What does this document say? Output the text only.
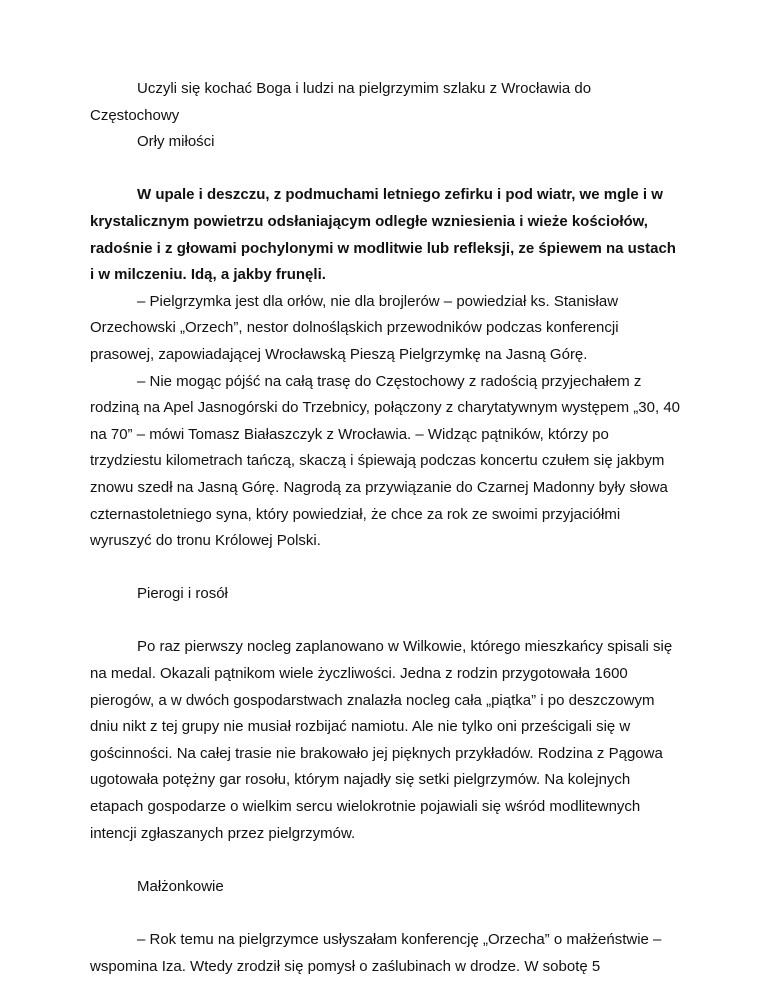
Uczyli się kochać Boga i ludzi na pielgrzymim szlaku z Wrocławia do Częstochowy

Orły miłości

W upale i deszczu, z podmuchami letniego zefirku i pod wiatr, we mgle i w krystalicznym powietrzu odsłaniającym odległe wzniesienia i wieże kościołów, radośnie i z głowami pochylonymi w modlitwie lub refleksji, ze śpiewem na ustach i w milczeniu. Idą, a jakby frunęli.

– Pielgrzymka jest dla orłów, nie dla brojlerów – powiedział ks. Stanisław Orzechowski „Orzech”, nestor dolnośląskich przewodników podczas konferencji prasowej, zapowiadającej Wrocławską Pieszą Pielgrzymkę na Jasną Górę.

– Nie mogąc pójść na całą trasę do Częstochowy z radością przyjechałem z rodziną na Apel Jasnogórski do Trzebnicy, połączony z charytatywnym występem „30, 40 na 70” – mówi Tomasz Białaszczyk z Wrocławia. – Widząc pątników, którzy po trzydziestu kilometrach tańczą, skaczą i śpiewają podczas koncertu czułem się jakbym znowu szedł na Jasną Górę. Nagrodą za przywiązanie do Czarnej Madonny były słowa czternastoletniego syna, który powiedział, że chce za rok ze swoimi przyjaciółmi wyruszyć do tronu Królowej Polski.

Pierogi i rosół

Po raz pierwszy nocleg zaplanowano w Wilkowie, którego mieszkańcy spisali się na medal. Okazali pątnikom wiele życzliwości. Jedna z rodzin przygotowała 1600 pierogów, a w dwóch gospodarstwach znalazła nocleg cała „piątka” i po deszczowym dniu nikt z tej grupy nie musiał rozbijać namiotu. Ale nie tylko oni prześcigali się w gościnności. Na całej trasie nie brakowało jej pięknych przykładów. Rodzina z Pągowa ugotowała potężny gar rosołu, którym najadły się setki pielgrzymów. Na kolejnych etapach gospodarze o wielkim sercu wielokrotnie pojawiali się wśród modlitewnych intencji zgłaszanych przez pielgrzymów.

Małżonkowie

– Rok temu na pielgrzymce usłyszałam konferencję „Orzecha” o małżeństwie – wspomina Iza. Wtedy zrodził się pomysł o zaślubinach w drodze. W sobotę 5
